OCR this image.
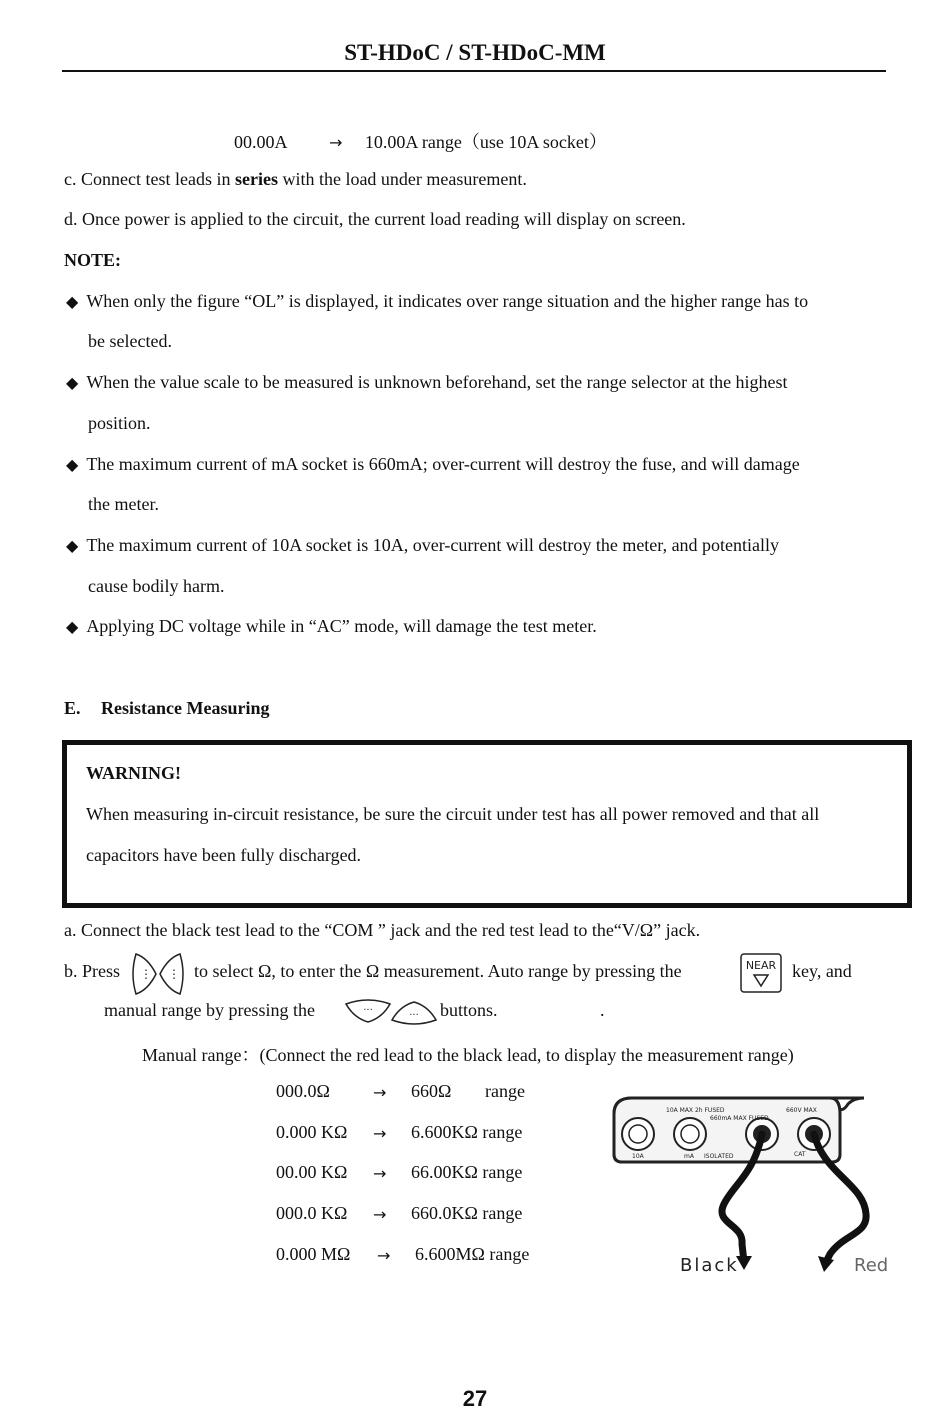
ST-HDoC / ST-HDoC-MM
00.00A	→ 10.00A range（use 10A socket）
c. Connect test leads in series with the load under measurement.
d. Once power is applied to the circuit, the current load reading will display on screen.
NOTE:
◆ When only the figure “OL” is displayed, it indicates over range situation and the higher range has to
be selected.
◆ When the value scale to be measured is unknown beforehand, set the range selector at the highest
position.
◆ The maximum current of mA socket is 660mA; over-current will destroy the fuse, and will damage
the meter.
◆ The maximum current of 10A socket is 10A, over-current will destroy the meter, and potentially
cause bodily harm.
◆ Applying DC voltage while in “AC” mode, will damage the test meter.
E. Resistance Measuring
WARNING!
When measuring in-circuit resistance, be sure the circuit under test has all power removed and that all
capacitors have been fully discharged.
a. Connect the black test lead to the “COM ” jack and the red test lead to the“V/Ω” jack.
b. Press ⋮ ⋮ to select Ω, to enter the Ω measurement. Auto range by pressing the	NEAR key, and
manual range by pressing the	···	··· buttons.	.
Manual range：(Connect the red lead to the black lead, to display the measurement range)
000.0Ω	→ 660Ω range
0.000 KΩ → 6.600KΩ range
00.00 KΩ → 66.00KΩ range
000.0 KΩ → 660.0KΩ range
0.000 MΩ → 6.600MΩ range
10A MAX 2h FUSED
660mA MAX FUSED
660V MAX
10A	mA ISOLATED	CAT
Black	Red
27
